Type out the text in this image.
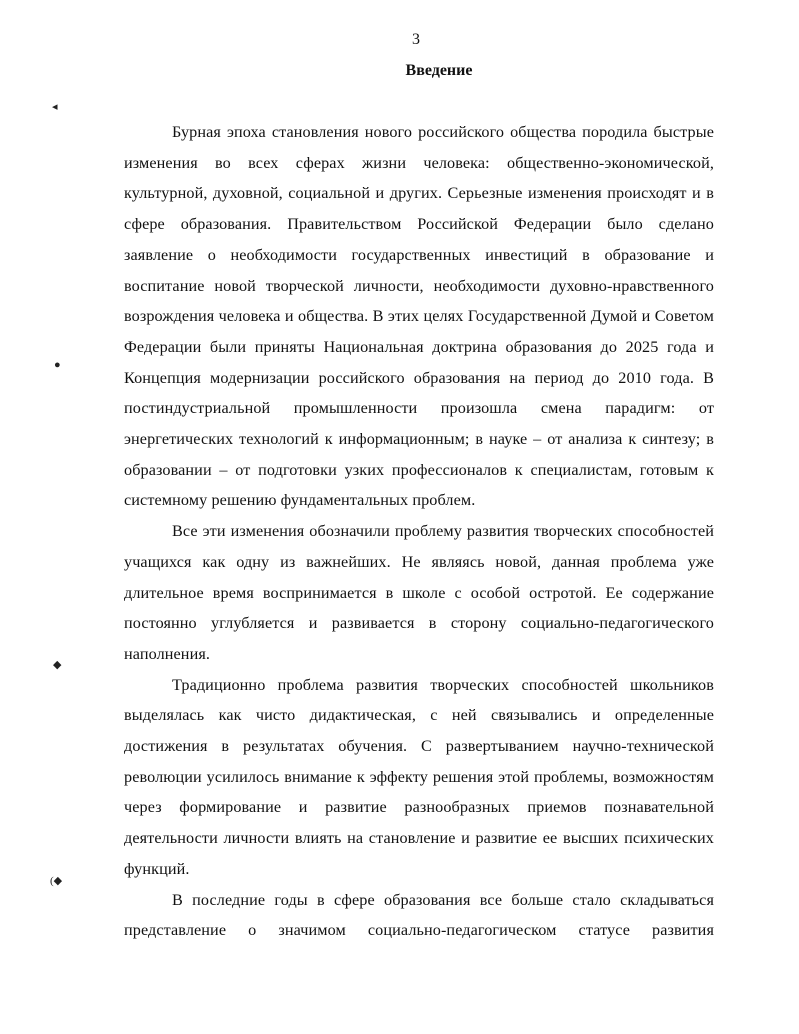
3
Введение

Бурная эпоха становления нового российского общества породила быстрые изменения во всех сферах жизни человека: общественно-экономической, культурной, духовной, социальной и других. Серьезные изменения происходят и в сфере образования. Правительством Российской Федерации было сделано заявление о необходимости государственных инвестиций в образование и воспитание новой творческой личности, необходимости духовно-нравственного возрождения человека и общества. В этих целях Государственной Думой и Советом Федерации были приняты Национальная доктрина образования до 2025 года и Концепция модернизации российского образования на период до 2010 года. В постиндустриальной промышленности произошла смена парадигм: от энергетических технологий к информационным; в науке – от анализа к синтезу; в образовании – от подготовки узких профессионалов к специалистам, готовым к системному решению фундаментальных проблем.

Все эти изменения обозначили проблему развития творческих способностей учащихся как одну из важнейших. Не являясь новой, данная проблема уже длительное время воспринимается в школе с особой остротой. Ее содержание постоянно углубляется и развивается в сторону социально-педагогического наполнения.

Традиционно проблема развития творческих способностей школьников выделялась как чисто дидактическая, с ней связывались и определенные достижения в результатах обучения. С развертыванием научно-технической революции усилилось внимание к эффекту решения этой проблемы, возможностям через формирование и развитие разнообразных приемов познавательной деятельности личности влиять на становление и развитие ее высших психических функций.

В последние годы в сфере образования все больше стало складываться представление о значимом социально-педагогическом статусе развития

◂
●
◆
(◆
